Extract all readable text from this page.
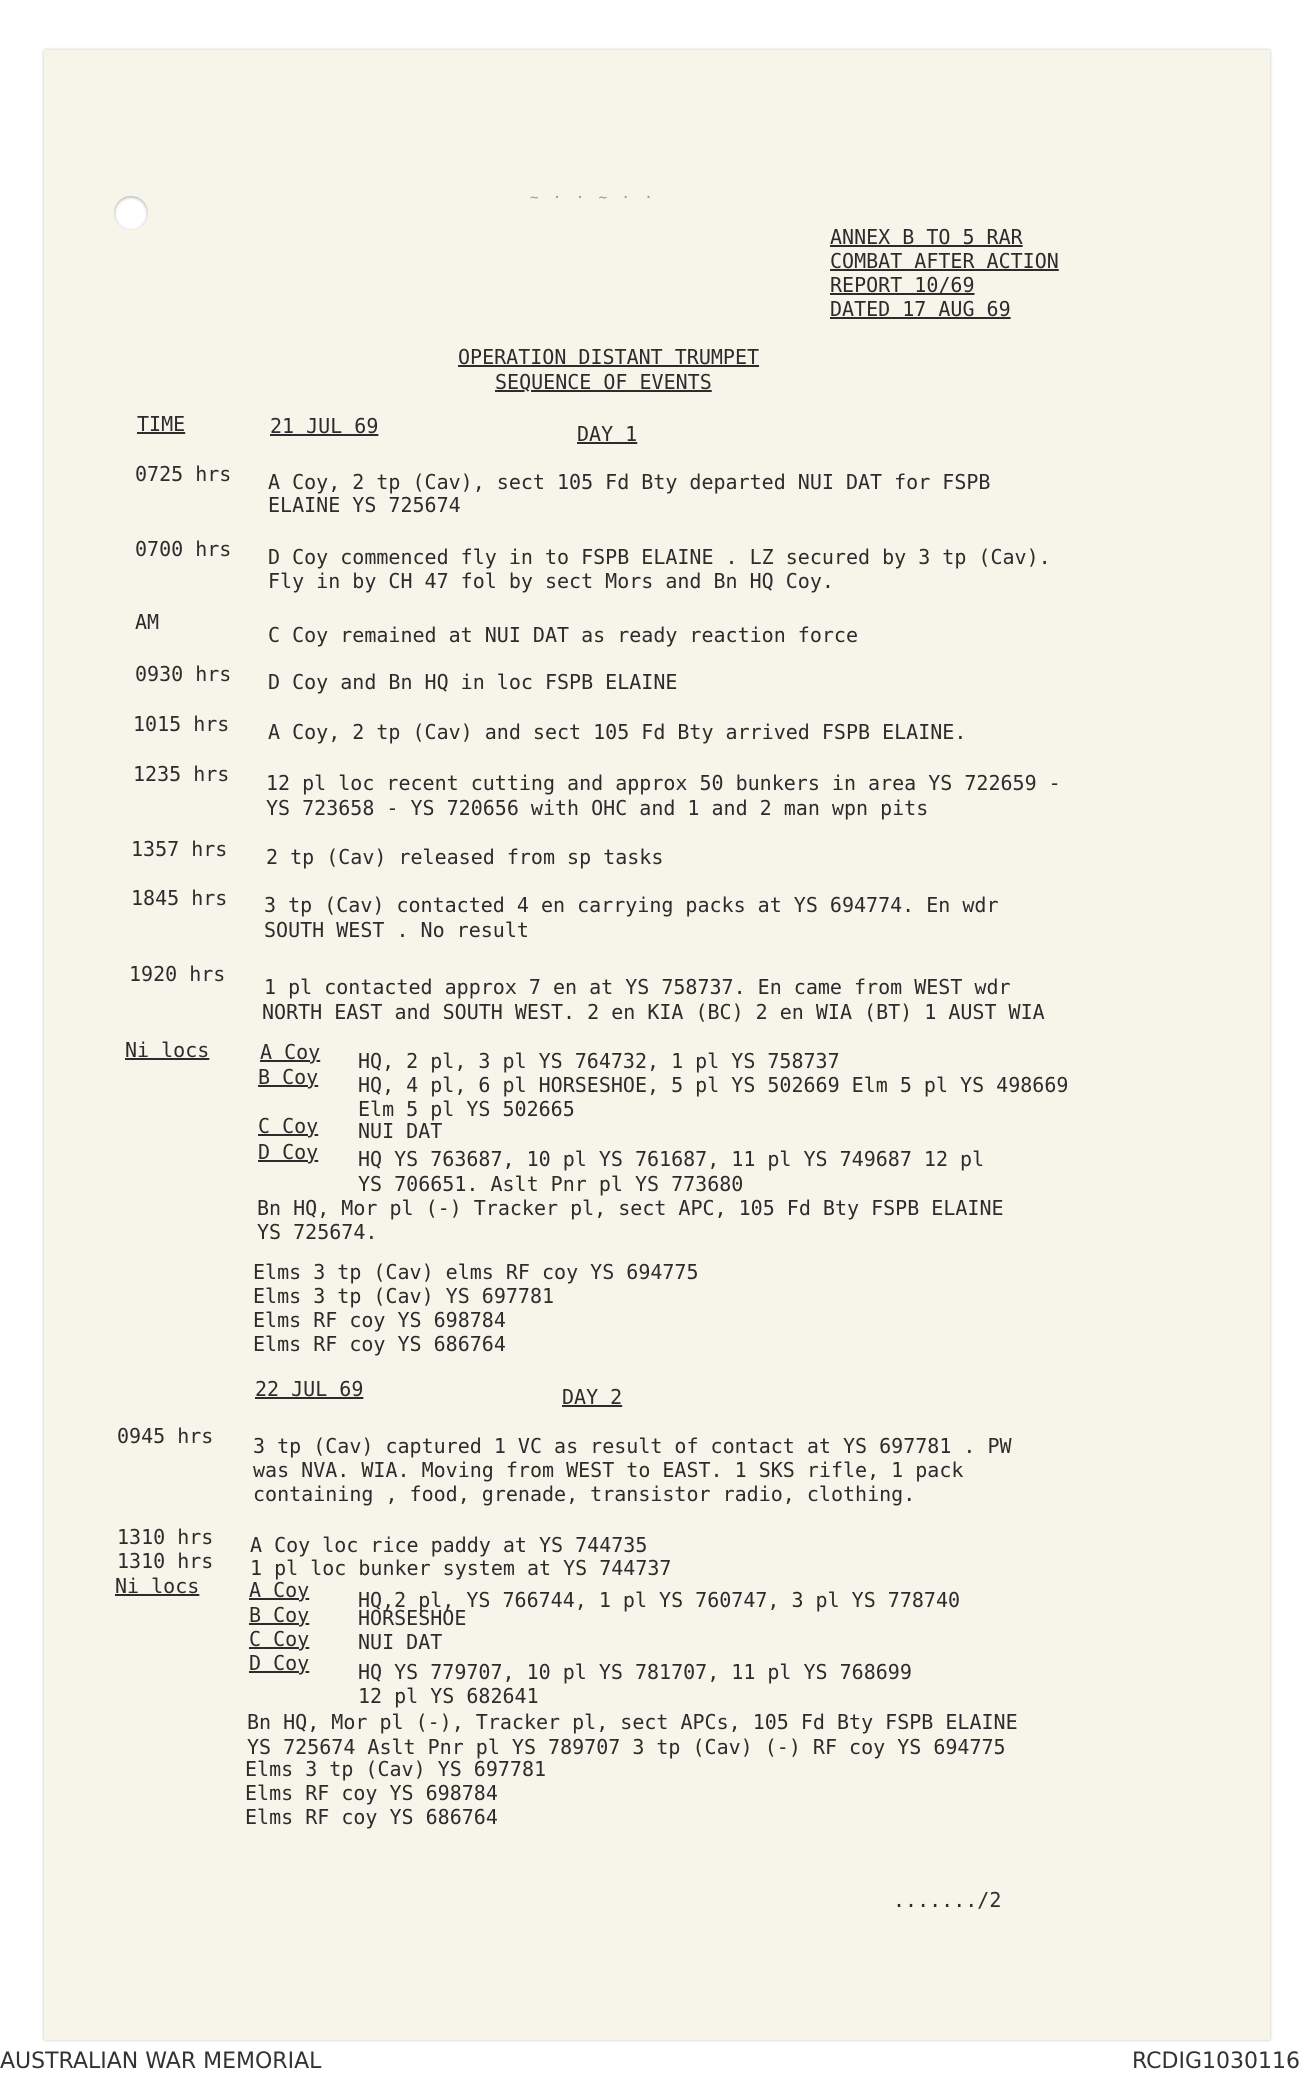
~ · · ~ · ·
ANNEX B TO 5 RAR
COMBAT AFTER ACTION
REPORT 10/69
DATED 17 AUG 69
OPERATION DISTANT TRUMPET
SEQUENCE OF EVENTS
TIME	21 JUL 69	DAY 1
0725 hrs A Coy, 2 tp (Cav), sect 105 Fd Bty departed NUI DAT for FSPB
ELAINE YS 725674
0700 hrs D Coy commenced fly in to FSPB ELAINE . LZ secured by 3 tp (Cav).
Fly in by CH 47 fol by sect Mors and Bn HQ Coy.
AM
C Coy remained at NUI DAT as ready reaction force
0930 hrs D Coy and Bn HQ in loc FSPB ELAINE
1015 hrs A Coy, 2 tp (Cav) and sect 105 Fd Bty arrived FSPB ELAINE.
1235 hrs 12 pl loc recent cutting and approx 50 bunkers in area YS 722659 -
YS 723658 - YS 720656 with OHC and 1 and 2 man wpn pits
1357 hrs 2 tp (Cav) released from sp tasks
1845 hrs 3 tp (Cav) contacted 4 en carrying packs at YS 694774. En wdr
SOUTH WEST . No result
1920 hrs
1 pl contacted approx 7 en at YS 758737. En came from WEST wdr
NORTH EAST and SOUTH WEST. 2 en KIA (BC) 2 en WIA (BT) 1 AUST WIA
Ni locs	A Coy HQ, 2 pl, 3 pl YS 764732, 1 pl YS 758737
B Coy HQ, 4 pl, 6 pl HORSESHOE, 5 pl YS 502669 Elm 5 pl YS 498669
Elm 5 pl YS 502665
C Coy NUI DAT
D Coy HQ YS 763687, 10 pl YS 761687, 11 pl YS 749687 12 pl
YS 706651. Aslt Pnr pl YS 773680
Bn HQ, Mor pl (-) Tracker pl, sect APC, 105 Fd Bty FSPB ELAINE
YS 725674.
Elms 3 tp (Cav) elms RF coy YS 694775
Elms 3 tp (Cav) YS 697781
Elms RF coy YS 698784
Elms RF coy YS 686764
22 JUL 69	DAY 2
0945 hrs 3 tp (Cav) captured 1 VC as result of contact at YS 697781 . PW
was NVA. WIA. Moving from WEST to EAST. 1 SKS rifle, 1 pack
containing , food, grenade, transistor radio, clothing.
1310 hrs A Coy loc rice paddy at YS 744735
1310 hrs 1 pl loc bunker system at YS 744737
Ni locs A Coy HQ,2 pl, YS 766744, 1 pl YS 760747, 3 pl YS 778740
B Coy HORSESHOE
C Coy NUI DAT
D Coy HQ YS 779707, 10 pl YS 781707, 11 pl YS 768699
12 pl YS 682641
Bn HQ, Mor pl (-), Tracker pl, sect APCs, 105 Fd Bty FSPB ELAINE
YS 725674 Aslt Pnr pl YS 789707 3 tp (Cav) (-) RF coy YS 694775
Elms 3 tp (Cav) YS 697781
Elms RF coy YS 698784
Elms RF coy YS 686764
......./2
AUSTRALIAN WAR MEMORIAL	RCDIG1030116
